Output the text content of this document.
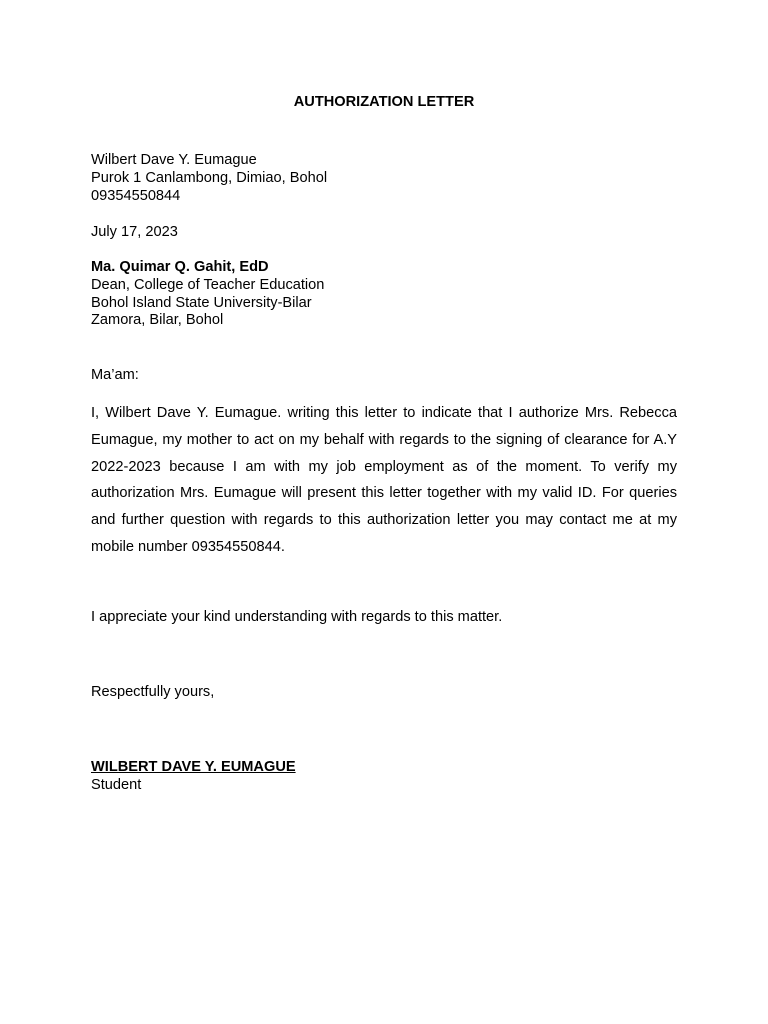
AUTHORIZATION LETTER
Wilbert Dave Y. Eumague
Purok 1 Canlambong, Dimiao, Bohol
09354550844
July 17, 2023
Ma. Quimar Q. Gahit, EdD
Dean, College of Teacher Education
Bohol Island State University-Bilar
Zamora, Bilar, Bohol
Ma’am:
I, Wilbert Dave Y. Eumague. writing this letter to indicate that I authorize Mrs. Rebecca Eumague, my mother to act on my behalf with regards to the signing of clearance for A.Y 2022-2023 because I am with my job employment as of the moment. To verify my authorization Mrs. Eumague will present this letter together with my valid ID. For queries and further question with regards to this authorization letter you may contact me at my mobile number 09354550844.
I appreciate your kind understanding with regards to this matter.
Respectfully yours,
WILBERT DAVE Y. EUMAGUE
Student
